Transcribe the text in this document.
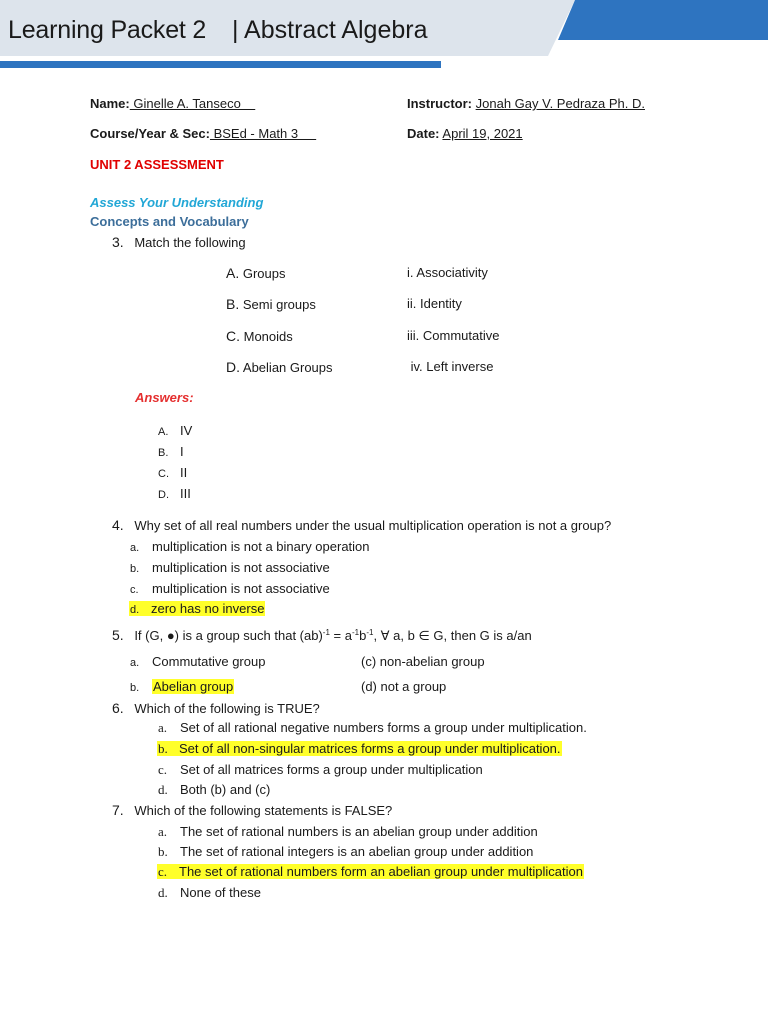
Learning Packet 2 | Abstract Algebra
Name: Ginelle A. Tanseco
Course/Year & Sec: BSEd - Math 3
Instructor: Jonah Gay V. Pedraza Ph. D.
Date: April 19, 2021
UNIT 2 ASSESSMENT
Assess Your Understanding
Concepts and Vocabulary
3. Match the following
A. Groups
B. Semi groups
C. Monoids
D. Abelian Groups
i. Associativity
ii. Identity
iii. Commutative
iv. Left inverse
Answers:
A. IV
B. I
C. II
D. III
4. Why set of all real numbers under the usual multiplication operation is not a group?
a. multiplication is not a binary operation
b. multiplication is not associative
c. multiplication is not associative
d. zero has no inverse
5. If (G, ●) is a group such that $(ab)^{-1} = a^{-1}b^{-1}$, ∀ a, b ∈ G, then G is a/an
a. Commutative group
b. Abelian group
(c) non-abelian group
(d) not a group
6. Which of the following is TRUE?
a. Set of all rational negative numbers forms a group under multiplication.
b. Set of all non-singular matrices forms a group under multiplication.
c. Set of all matrices forms a group under multiplication
d. Both (b) and (c)
7. Which of the following statements is FALSE?
a. The set of rational numbers is an abelian group under addition
b. The set of rational integers is an abelian group under addition
c. The set of rational numbers form an abelian group under multiplication
d. None of these
